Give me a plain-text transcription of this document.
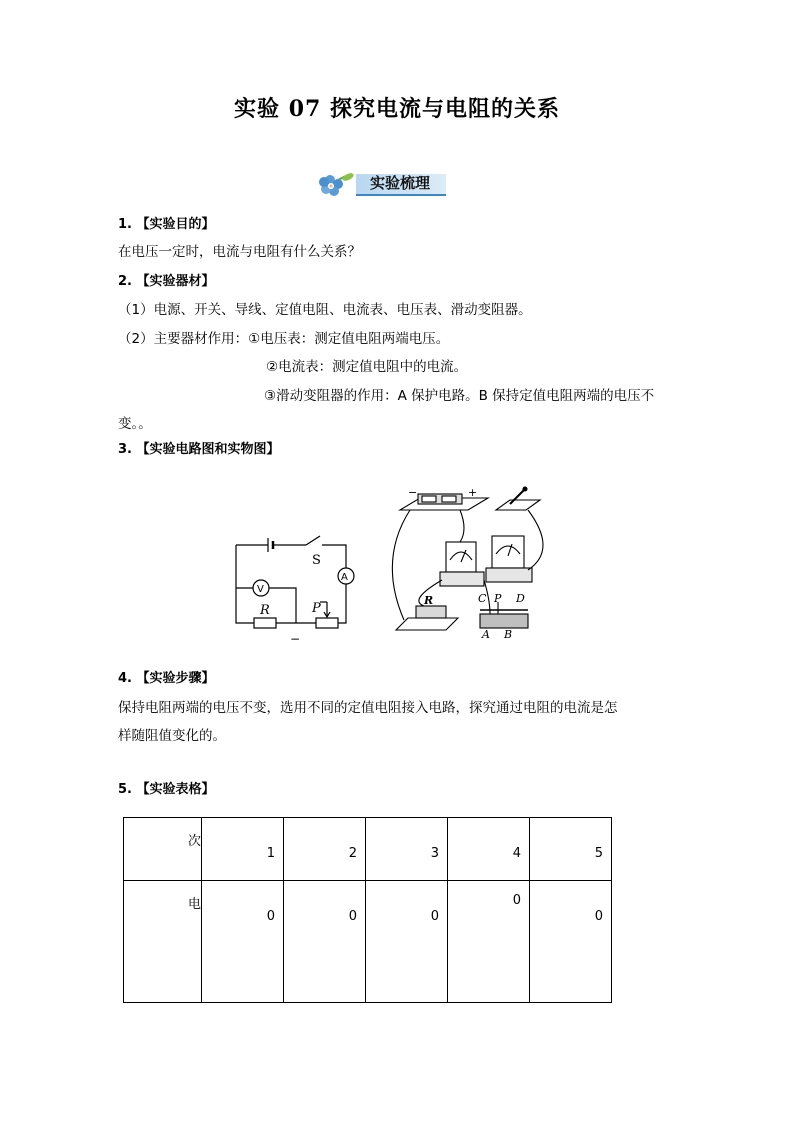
实验 07 探究电流与电阻的关系
实验梳理
1. 【实验目的】
在电压一定时，电流与电阻有什么关系？
2. 【实验器材】
（1）电源、开关、导线、定值电阻、电流表、电压表、滑动变阻器。
（2）主要器材作用：①电压表：测定值电阻两端电压。
②电流表：测定值电阻中的电流。
③滑动变阻器的作用：A 保护电路。B 保持定值电阻两端的电压不
变。。
3. 【实验电路图和实物图】
S
A
V
R	P
−
−	+
R	C P D
A B
4. 【实验步骤】
保持电阻两端的电压不变，选用不同的定值电阻接入电路，探究通过电阻的电流是怎
样随阻值变化的。
5. 【实验表格】
次	1	2	3	4	5

电	0	0	0	0	0
